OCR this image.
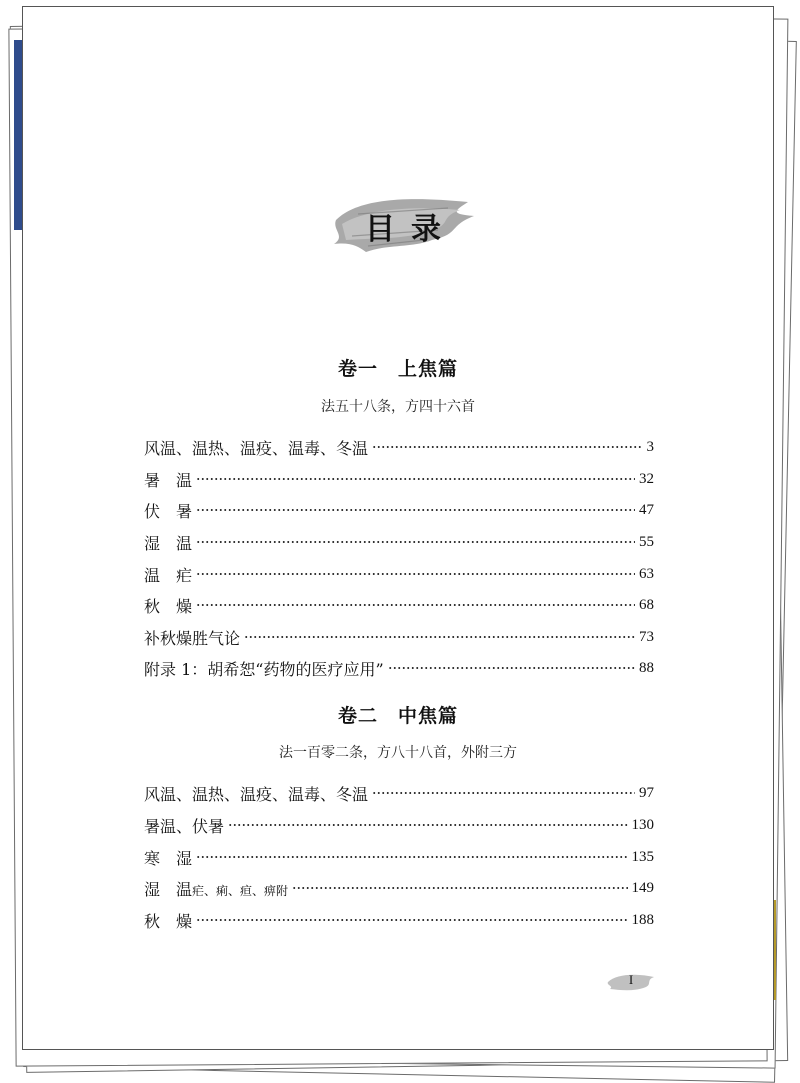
目录
卷一　上焦篇
法五十八条，方四十六首
风温、温热、温疫、温毒、冬温	3
暑　温	32
伏　暑	47
湿　温	55
温　疟	63
秋　燥	68
补秋燥胜气论	73
附录 1：胡希恕“药物的医疗应用”	88
卷二　中焦篇
法一百零二条，方八十八首，外附三方
风温、温热、温疫、温毒、冬温	97
暑温、伏暑	130
寒　湿	135
湿　温疟、痢、疸、痹附	149
秋　燥	188
I
